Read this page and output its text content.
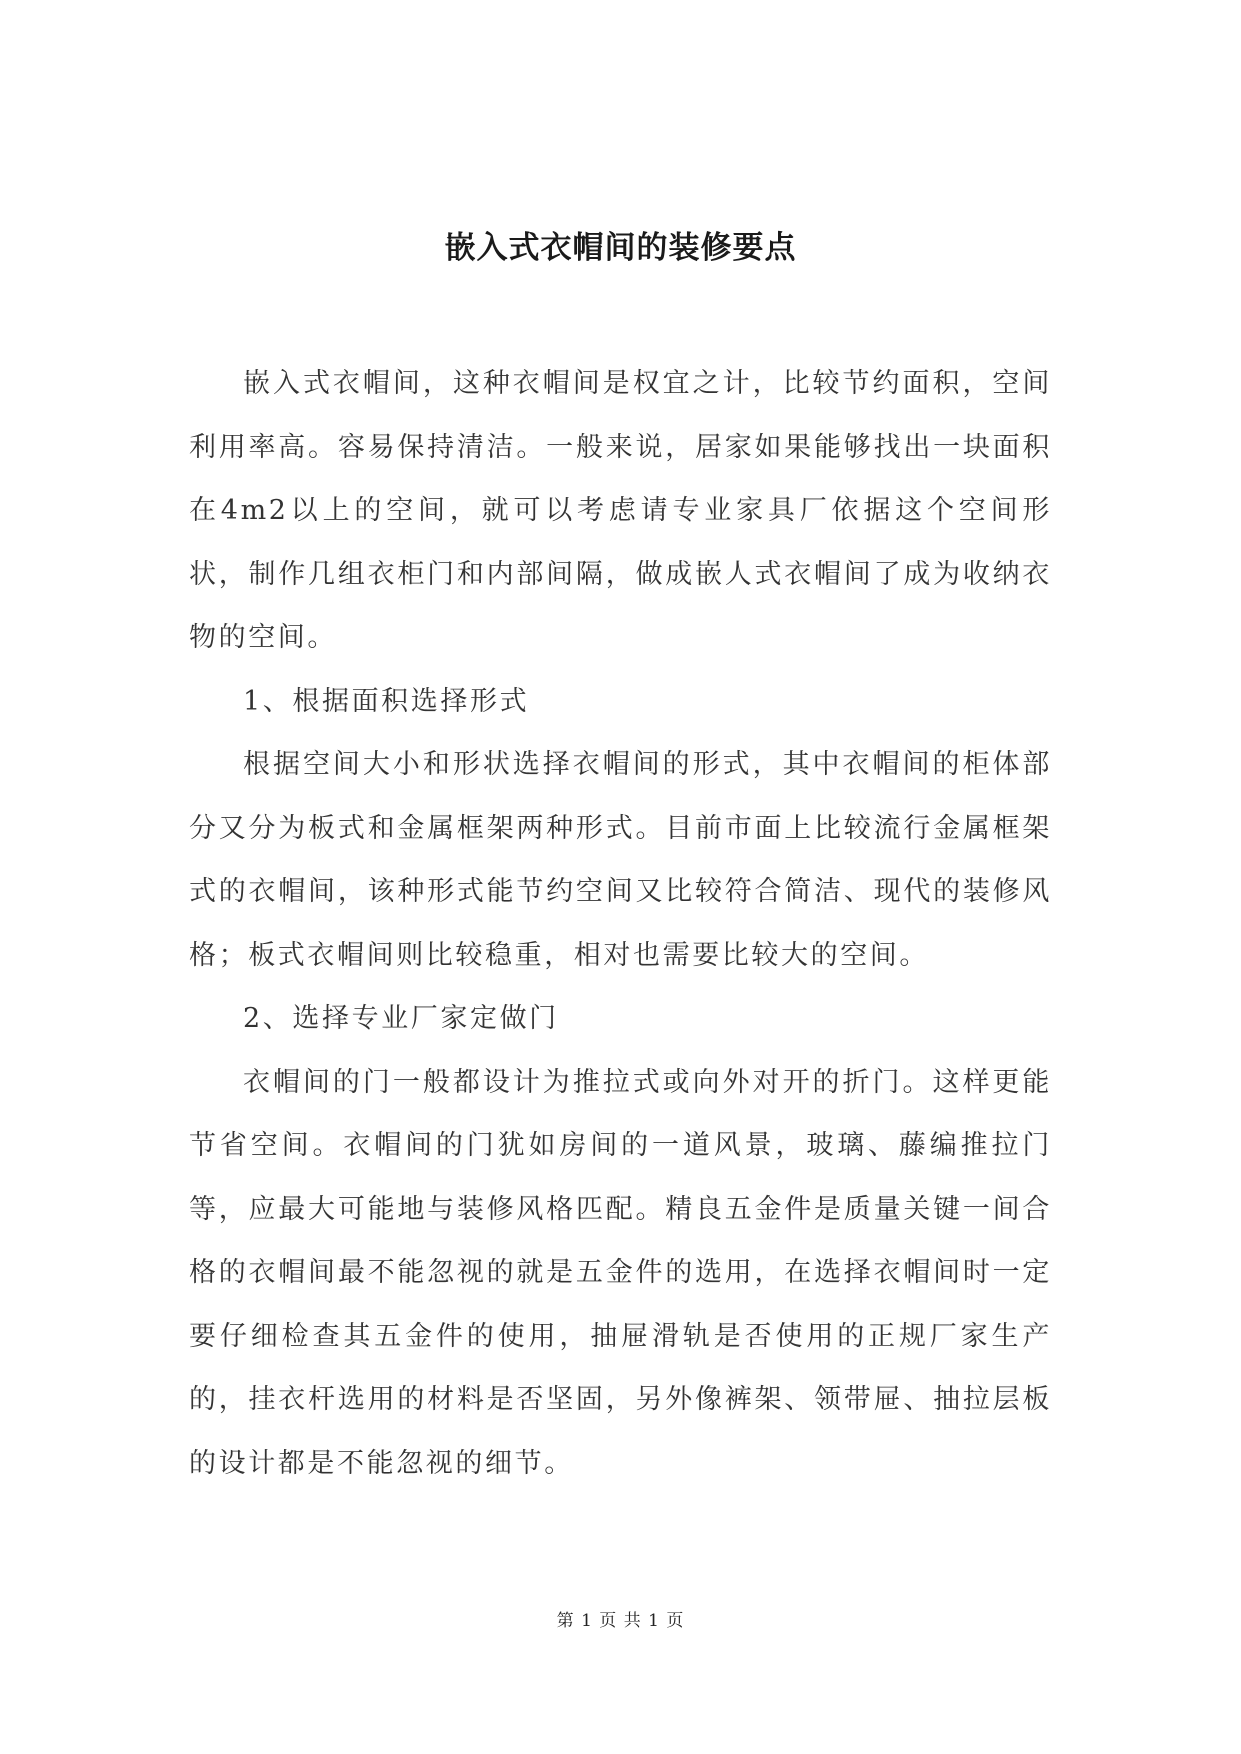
嵌入式衣帽间的装修要点

嵌入式衣帽间，这种衣帽间是权宜之计，比较节约面积，空间利用率高。容易保持清洁。一般来说，居家如果能够找出一块面积在4m2以上的空间，就可以考虑请专业家具厂依据这个空间形状，制作几组衣柜门和内部间隔，做成嵌人式衣帽间了成为收纳衣物的空间。

1、根据面积选择形式

根据空间大小和形状选择衣帽间的形式，其中衣帽间的柜体部分又分为板式和金属框架两种形式。目前市面上比较流行金属框架式的衣帽间，该种形式能节约空间又比较符合简洁、现代的装修风格；板式衣帽间则比较稳重，相对也需要比较大的空间。

2、选择专业厂家定做门

衣帽间的门一般都设计为推拉式或向外对开的折门。这样更能节省空间。衣帽间的门犹如房间的一道风景，玻璃、藤编推拉门等，应最大可能地与装修风格匹配。精良五金件是质量关键一间合格的衣帽间最不能忽视的就是五金件的选用，在选择衣帽间时一定要仔细检查其五金件的使用，抽屉滑轨是否使用的正规厂家生产的，挂衣杆选用的材料是否坚固，另外像裤架、领带屉、抽拉层板的设计都是不能忽视的细节。

第 1 页 共 1 页
